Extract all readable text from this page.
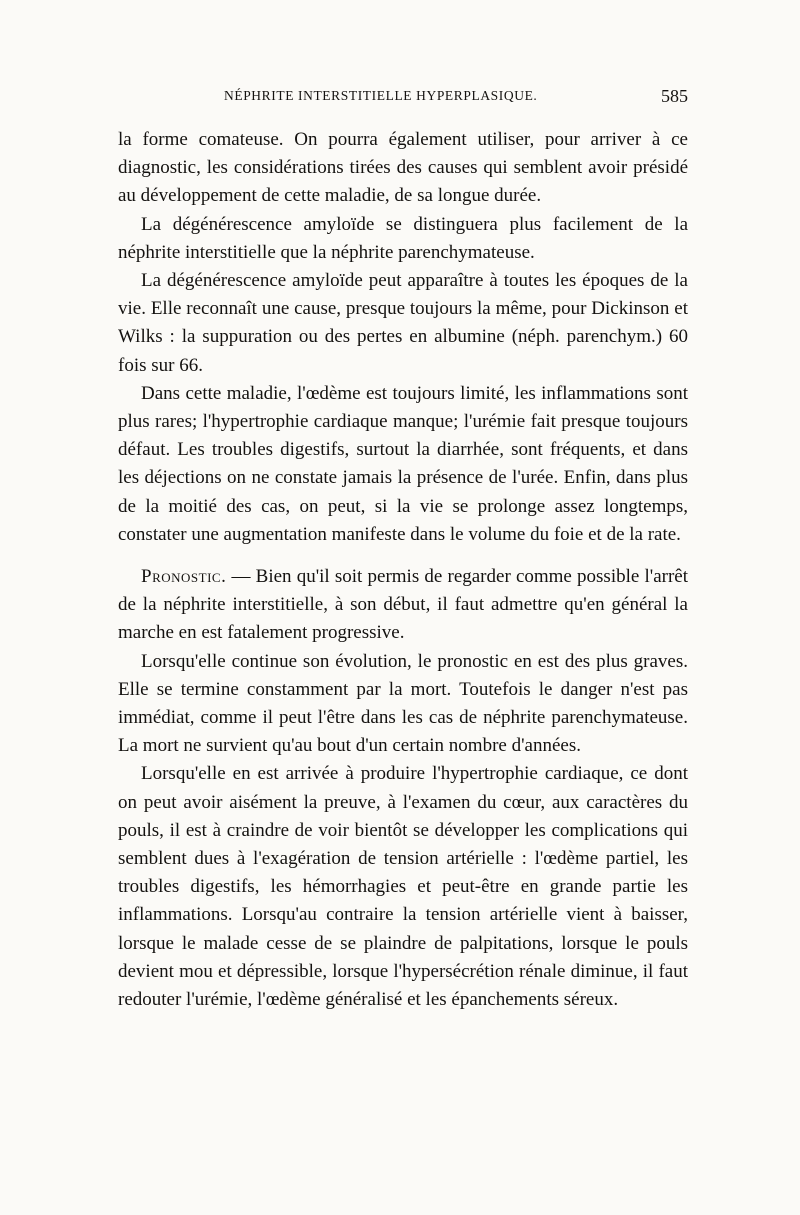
NÉPHRITE INTERSTITIELLE HYPERPLASIQUE.	585

la forme comateuse. On pourra également utiliser, pour arriver à ce diagnostic, les considérations tirées des causes qui semblent avoir présidé au développement de cette maladie, de sa longue durée.

La dégénérescence amyloïde se distinguera plus facilement de la néphrite interstitielle que la néphrite parenchymateuse.

La dégénérescence amyloïde peut apparaître à toutes les époques de la vie. Elle reconnaît une cause, presque toujours la même, pour Dickinson et Wilks : la suppuration ou des pertes en albumine (néph. parenchym.) 60 fois sur 66.

Dans cette maladie, l'œdème est toujours limité, les inflammations sont plus rares; l'hypertrophie cardiaque manque; l'urémie fait presque toujours défaut. Les troubles digestifs, surtout la diarrhée, sont fréquents, et dans les déjections on ne constate jamais la présence de l'urée. Enfin, dans plus de la moitié des cas, on peut, si la vie se prolonge assez longtemps, constater une augmentation manifeste dans le volume du foie et de la rate.

Pronostic. — Bien qu'il soit permis de regarder comme possible l'arrêt de la néphrite interstitielle, à son début, il faut admettre qu'en général la marche en est fatalement progressive.

Lorsqu'elle continue son évolution, le pronostic en est des plus graves. Elle se termine constamment par la mort. Toutefois le danger n'est pas immédiat, comme il peut l'être dans les cas de néphrite parenchymateuse. La mort ne survient qu'au bout d'un certain nombre d'années.

Lorsqu'elle en est arrivée à produire l'hypertrophie cardiaque, ce dont on peut avoir aisément la preuve, à l'examen du cœur, aux caractères du pouls, il est à craindre de voir bientôt se développer les complications qui semblent dues à l'exagération de tension artérielle : l'œdème partiel, les troubles digestifs, les hémorrhagies et peut-être en grande partie les inflammations. Lorsqu'au contraire la tension artérielle vient à baisser, lorsque le malade cesse de se plaindre de palpitations, lorsque le pouls devient mou et dépressible, lorsque l'hypersécrétion rénale diminue, il faut redouter l'urémie, l'œdème généralisé et les épanchements séreux.
